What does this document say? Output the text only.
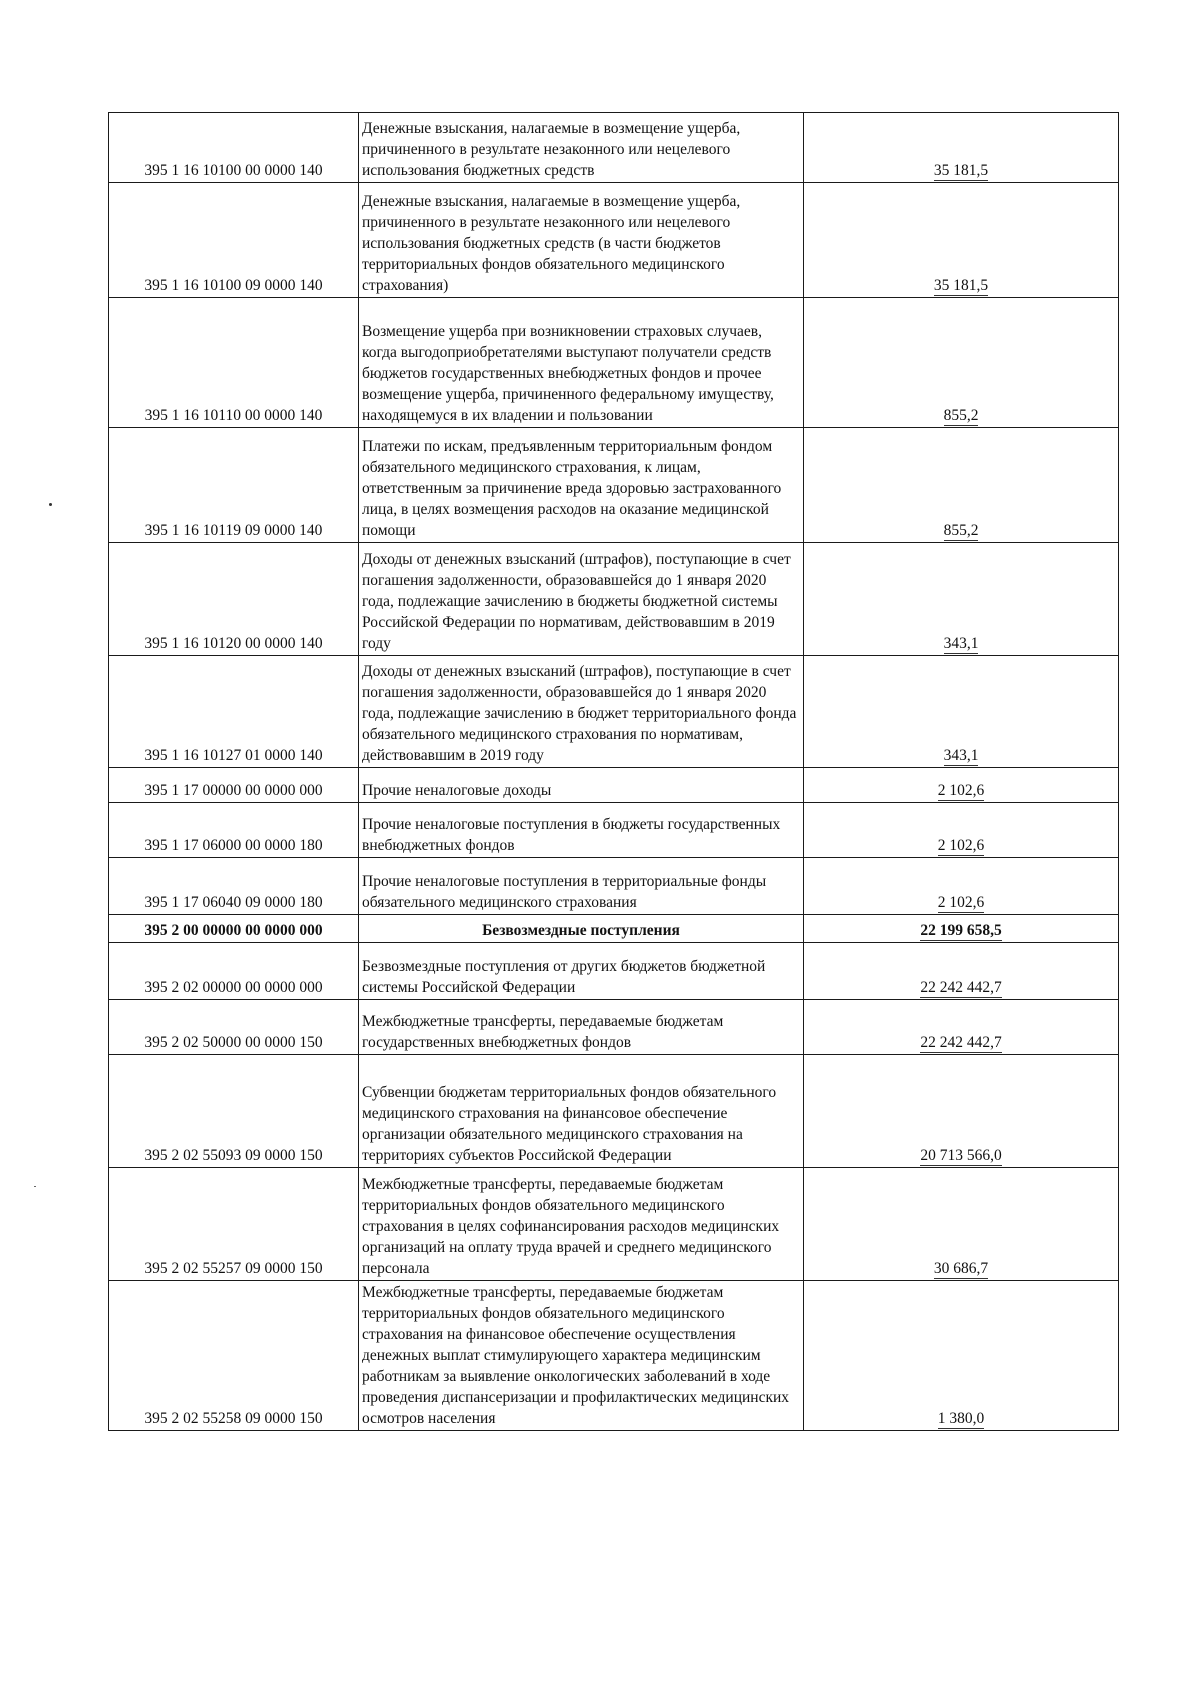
395 1 16 10100 00 0000 140	Денежные взыскания, налагаемые в возмещение ущерба, причиненного в результате незаконного или нецелевого использования бюджетных средств	35 181,5
395 1 16 10100 09 0000 140	Денежные взыскания, налагаемые в возмещение ущерба, причиненного в результате незаконного или нецелевого использования бюджетных средств (в части бюджетов территориальных фондов обязательного медицинского страхования)	35 181,5
395 1 16 10110 00 0000 140	Возмещение ущерба при возникновении страховых случаев, когда выгодоприобретателями выступают получатели средств бюджетов государственных внебюджетных фондов и прочее возмещение ущерба, причиненного федеральному имуществу, находящемуся в их владении и пользовании	855,2
395 1 16 10119 09 0000 140	Платежи по искам, предъявленным территориальным фондом обязательного медицинского страхования, к лицам, ответственным за причинение вреда здоровью застрахованного лица, в целях возмещения расходов на оказание медицинской помощи	855,2
395 1 16 10120 00 0000 140	Доходы от денежных взысканий (штрафов), поступающие в счет погашения задолженности, образовавшейся до 1 января 2020 года, подлежащие зачислению в бюджеты бюджетной системы Российской Федерации по нормативам, действовавшим в 2019 году	343,1
395 1 16 10127 01 0000 140	Доходы от денежных взысканий (штрафов), поступающие в счет погашения задолженности, образовавшейся до 1 января 2020 года, подлежащие зачислению в бюджет территориального фонда обязательного медицинского страхования по нормативам, действовавшим в 2019 году	343,1
395 1 17 00000 00 0000 000	Прочие неналоговые доходы	2 102,6
395 1 17 06000 00 0000 180	Прочие неналоговые поступления в бюджеты государственных внебюджетных фондов	2 102,6
395 1 17 06040 09 0000 180	Прочие неналоговые поступления в территориальные фонды обязательного медицинского страхования	2 102,6
395 2 00 00000 00 0000 000	Безвозмездные поступления	22 199 658,5
395 2 02 00000 00 0000 000	Безвозмездные поступления от других бюджетов бюджетной системы Российской Федерации	22 242 442,7
395 2 02 50000 00 0000 150	Межбюджетные трансферты, передаваемые бюджетам государственных внебюджетных фондов	22 242 442,7
395 2 02 55093 09 0000 150	Субвенции бюджетам территориальных фондов обязательного медицинского страхования на финансовое обеспечение организации обязательного медицинского страхования на территориях субъектов Российской Федерации	20 713 566,0
395 2 02 55257 09 0000 150	Межбюджетные трансферты, передаваемые бюджетам территориальных фондов обязательного медицинского страхования в целях софинансирования расходов медицинских организаций на оплату труда врачей и среднего медицинского персонала	30 686,7
395 2 02 55258 09 0000 150	Межбюджетные трансферты, передаваемые бюджетам территориальных фондов обязательного медицинского страхования на финансовое обеспечение осуществления денежных выплат стимулирующего характера медицинским работникам за выявление онкологических заболеваний в ходе проведения диспансеризации и профилактических медицинских осмотров населения	1 380,0
